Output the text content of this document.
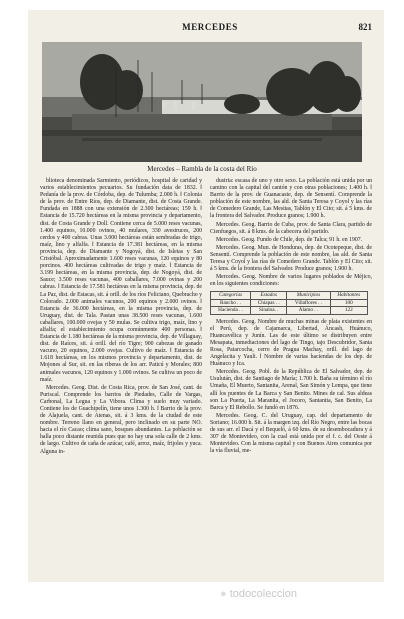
MERCEDES	821
Mercedes – Rambla de la costa del Río

blioteca denominada Sarmiento, periódicos, hospital de caridad y varios establecimientos pecuarios. Su fundación data de 1832. ‖ Pedanía de la prov. de Córdoba, dep. de Tulumba; 2.000 h. ‖ Colonia de la prov. de Entre Ríos, dep. de Diamante, dist. de Costa Grande. Fundada en 1888 con una extensión de 2.300 hectáreas; 159 h. ‖ Estancia de 15.720 hectáreas en la misma provincia y departamento, dist. de Costa Grande y Doll. Contiene cerca de 5.000 reses vacunas, 1.400 equinos, 10.000 ovinos, 40 mulares, 330 avestruces, 200 cerdos y 400 cabras. Unas 3.000 hectáreas están sembradas de trigo, maíz, lino y alfalfa. ‖ Estancia de 17.381 hectáreas, en la misma provincia, dep. de Diamante y Nogoyá, dist. de Isletas y San Cristóbal. Aproximadamente 1.600 reses vacunas, 120 equinos y 80 porcinos. 400 hectáreas cultivadas de trigo y maíz. ‖ Estancia de 3.199 hectáreas, en la misma provincia, dep. de Nogoyá, dist. de Sauce; 3.500 reses vacunas, 400 caballares, 7.000 ovinas y 200 cabras. ‖ Estancia de 17.581 hectáreas en la misma provincia, dep. de La Paz, dist. de Estacas, sit. á orill. de los ríos Feliciano, Quebracho y Colorado. 2.000 animales vacunos, 200 equinos y 2.000 ovinos. ‖ Estancia de 36.000 hectáreas, en la misma provincia, dep. de Uruguay, dist. de Tala. Pastan unas 38.500 reses vacunas, 1.600 caballares, 100.000 ovejas y 50 mulas. Se cultiva trigo, maíz, lino y alfalfa; el establecimiento ocupa comúnmente 400 personas. ‖ Estancia de 1.180 hectáreas de la misma provincia, dep. de Villaguay, dist. de Raíces, sit. á orill. del río Tigre; 900 cabezas de ganado vacuno, 20 equinos, 2.000 ovejas. Cultivo de maíz. ‖ Estancia de 1.618 hectáreas, en los mismos provincia y departamento, dist. de Mojones al Sur, sit. en las riberas de los arr. Paticú y Morales; 800 animales vacunos, 120 equinos y 1.000 ovinos. Se cultiva un poco de maíz.

Mercedes. Geog. Dist. de Costa Rica, prov. de San José, cant. de Puriscal. Comprende los barrios de Piedades, Calle de Vargas, Carbonal, La Legua y La Vibora. Clima y suelo muy variado. Contiene los de Guachipelín, tiene unos 1.300 h. ‖ Barrio de la prov. de Alajuela, cant. de Atenas, sit. á 3 kms. de la ciudad de este nombre. Terreno llano en general, pero inclinado en su parte NO. hacia el río Cacao; clima sano, bosques abundantes. La población se halla poco distante reunida pues que no hay una sola calle de 2 kms. de largo. Cultivo de caña de azúcar, café, arroz, maíz, frijoles y yuca. Alguna in-

dustria: escasa de uno y otro sexo. La población está unida por un camino con la capital del cantón y con otras poblaciones; 1.400 h. ‖ Barrio de la prov. de Guanacaste, dep. de Sensentí. Comprende la población de este nombre, las ald. de Santa Teresa y Coyol y las rías de Comedero Grande, Las Mesitas, Tablón y El Cito; sit. á 5 kms. de la frontera del Salvador. Produce granos; 1.900 h.

Mercedes. Geog. Barrio de Cuba, prov. de Santa Clara, partido de Cienfuegos, sit. á 8 kms. de la cabecera del partido.

Mercedes. Geog. Fundo de Chile, dep. de Talca; 91 h. en 1907.

Mercedes. Geog. Mun. de Honduras, dep. de Ocotepeque, dist. de Sensentí. Comprende la población de este nombre, las ald. de Santa Teresa y Coyol y las rías de Comedero Grande. Tablón y El Cito; sit. á 5 kms. de la frontera del Salvador. Produce granos; 1.900 h.

Mercedes. Geog. Nombre de varios lugares poblados de Méjico, en los siguientes condiciones:

Categorías	Estados	Municipios	Habitantes
Rancho . .	Chiapas . .	Villaflores . .	100
Hacienda . .	Sinaloa. .	Álamo . .	122

Mercedes. Geog. Nombre de muchas minas de plata existentes en el Perú, dep. de Cajamarca, Libertad, Áncash, Huánuco, Huancavélica y Junín. Las de este último se distribuyen entre Mesapata, inmediaciones del lago de Tingo, tajo Descubridor, Santa Rosa, Patarcocha, cerro de Pragua Machay, orill. del lago de Angelacita y Yauli. ‖ Nombre de varias haciendas de los dep. de Huánuco y Ica.

Mercedes. Geog. Pobl. de la República de El Salvador, dep. de Usulután, dist. de Santiago de María; 1.700 h. Baña su término el río Umaña, El Muerto, Santanita, Arenal, San Simón y Lempa, que tiene allí los puentes de La Barca y San Benito. Mines de cal. Sus aldeas son La Puerta, La Maranita, el Jocoro, Santanita, San Benito, La Barca y El Rebollo. Se fundó en 1876.

Mercedes. Geog. C. del Uruguay, cap. del departamento de Soriano; 16.000 h. Sit. á la margen izq. del Río Negro, entre las bocas de sus arr. el Dacá y el Bequeló, á 60 kms. de su desembocadura y á 307 de Montevideo, con la cual está unida por el f. c. del Oeste á Montevideo. Con la misma capital y con Buenos Aires comunica por la vía fluvial, me-

● todocoleccion
